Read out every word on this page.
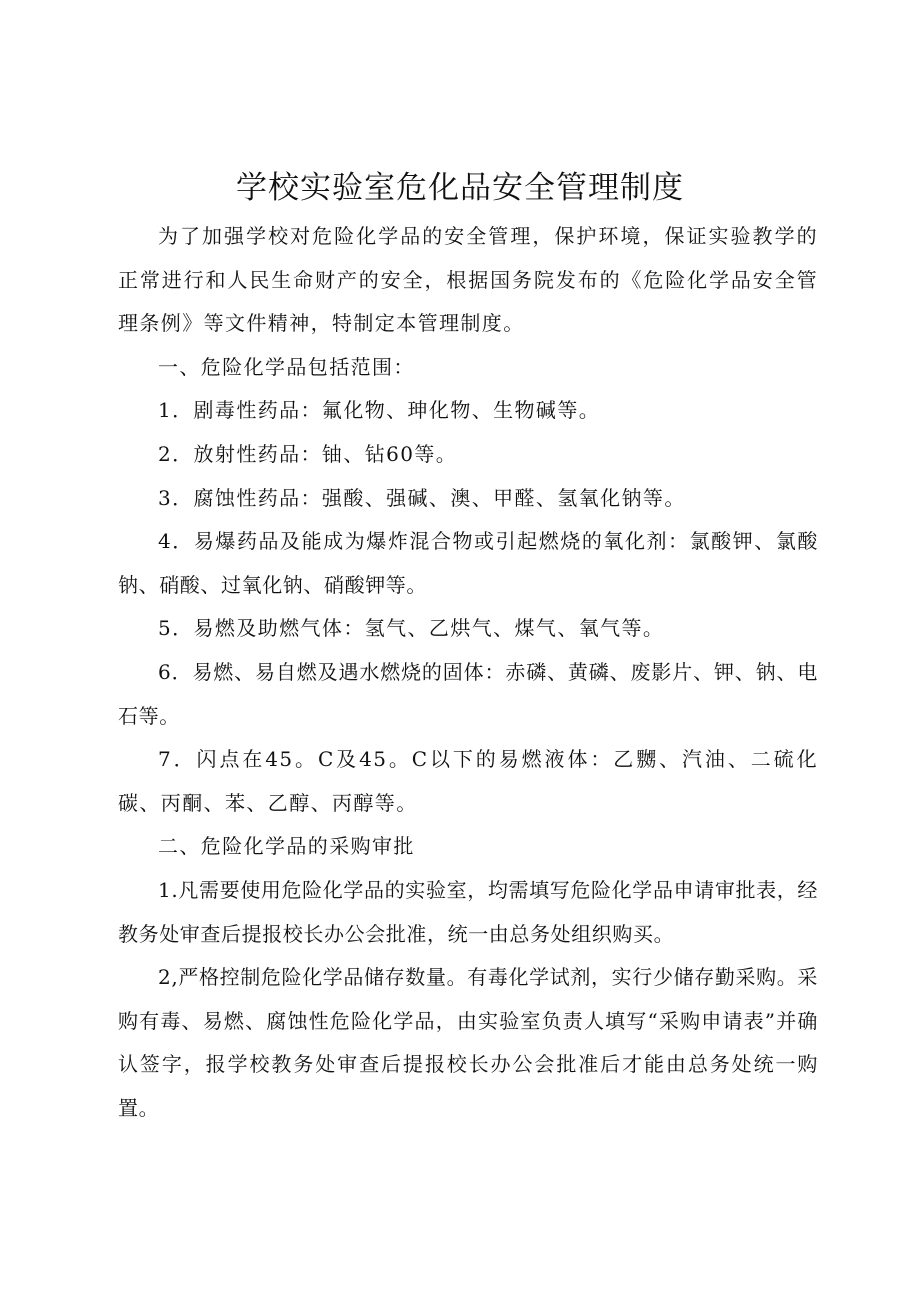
学校实验室危化品安全管理制度

为了加强学校对危险化学品的安全管理，保护环境，保证实验教学的正常进行和人民生命财产的安全，根据国务院发布的《危险化学品安全管理条例》等文件精神，特制定本管理制度。

一、危险化学品包括范围：

1．剧毒性药品：氟化物、珅化物、生物碱等。

2．放射性药品：铀、钻60等。

3．腐蚀性药品：强酸、强碱、澳、甲醛、氢氧化钠等。

4．易爆药品及能成为爆炸混合物或引起燃烧的氧化剂：氯酸钾、氯酸钠、硝酸、过氧化钠、硝酸钾等。

5．易燃及助燃气体：氢气、乙烘气、煤气、氧气等。

6．易燃、易自燃及遇水燃烧的固体：赤磷、黄磷、废影片、钾、钠、电石等。

7．闪点在45。C及45。C以下的易燃液体：乙嬲、汽油、二硫化碳、丙酮、苯、乙醇、丙醇等。

二、危险化学品的采购审批

1.凡需要使用危险化学品的实验室，均需填写危险化学品申请审批表，经教务处审查后提报校长办公会批准，统一由总务处组织购买。

2,严格控制危险化学品储存数量。有毒化学试剂，实行少储存勤采购。采购有毒、易燃、腐蚀性危险化学品，由实验室负责人填写“采购申请表”并确认签字，报学校教务处审查后提报校长办公会批准后才能由总务处统一购置。
